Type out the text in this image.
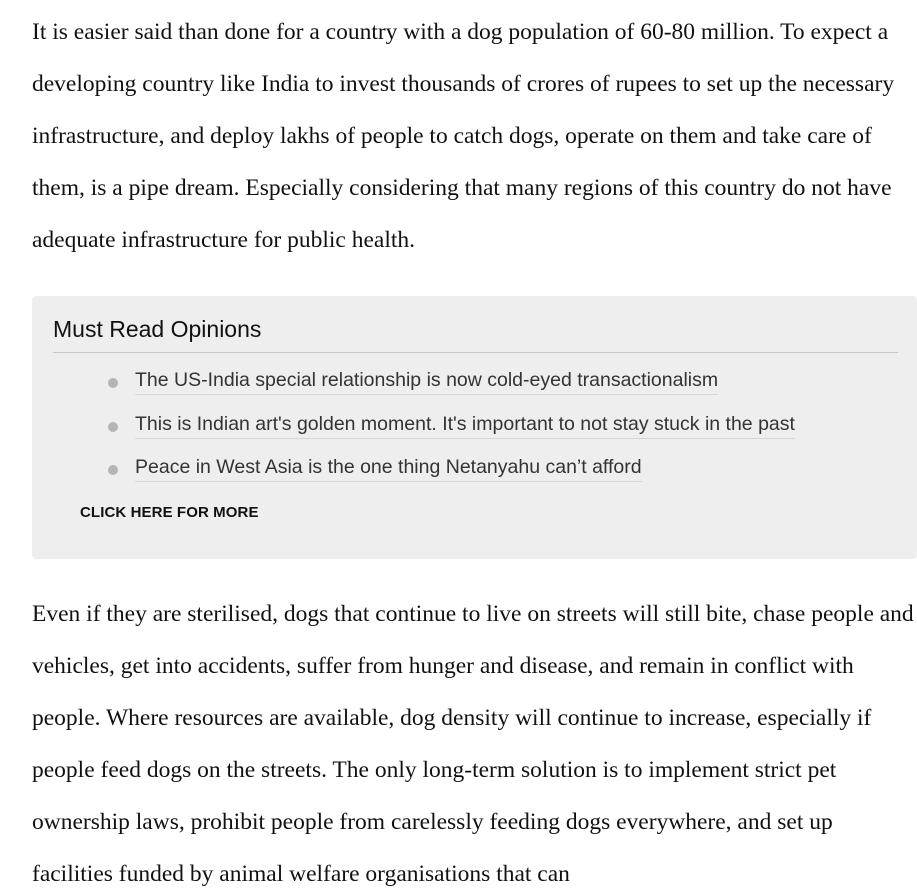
It is easier said than done for a country with a dog population of 60-80 million. To expect a developing country like India to invest thousands of crores of rupees to set up the necessary infrastructure, and deploy lakhs of people to catch dogs, operate on them and take care of them, is a pipe dream. Especially considering that many regions of this country do not have adequate infrastructure for public health.

Must Read Opinions
The US-India special relationship is now cold-eyed transactionalism
This is Indian art's golden moment. It's important to not stay stuck in the past
Peace in West Asia is the one thing Netanyahu can’t afford
CLICK HERE FOR MORE

Even if they are sterilised, dogs that continue to live on streets will still bite, chase people and vehicles, get into accidents, suffer from hunger and disease, and remain in conflict with people. Where resources are available, dog density will continue to increase, especially if people feed dogs on the streets. The only long-term solution is to implement strict pet ownership laws, prohibit people from carelessly feeding dogs everywhere, and set up facilities funded by animal welfare organisations that can
